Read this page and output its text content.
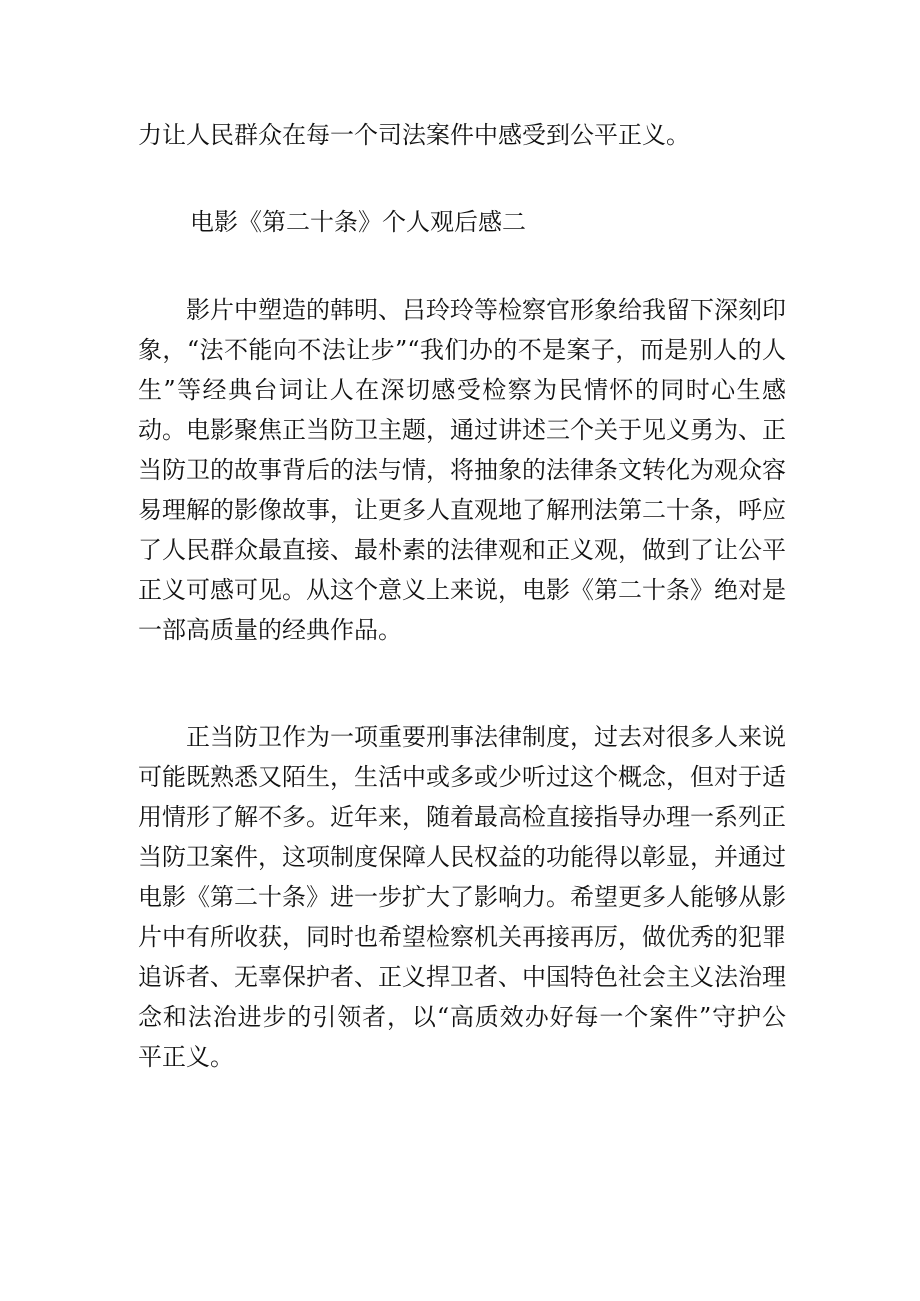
力让人民群众在每一个司法案件中感受到公平正义。

电影《第二十条》个人观后感二

影片中塑造的韩明、吕玲玲等检察官形象给我留下深刻印象，“法不能向不法让步”“我们办的不是案子，而是别人的人生”等经典台词让人在深切感受检察为民情怀的同时心生感动。电影聚焦正当防卫主题，通过讲述三个关于见义勇为、正当防卫的故事背后的法与情，将抽象的法律条文转化为观众容易理解的影像故事，让更多人直观地了解刑法第二十条，呼应了人民群众最直接、最朴素的法律观和正义观，做到了让公平正义可感可见。从这个意义上来说，电影《第二十条》绝对是一部高质量的经典作品。

正当防卫作为一项重要刑事法律制度，过去对很多人来说可能既熟悉又陌生，生活中或多或少听过这个概念，但对于适用情形了解不多。近年来，随着最高检直接指导办理一系列正当防卫案件，这项制度保障人民权益的功能得以彰显，并通过电影《第二十条》进一步扩大了影响力。希望更多人能够从影片中有所收获，同时也希望检察机关再接再厉，做优秀的犯罪追诉者、无辜保护者、正义捍卫者、中国特色社会主义法治理念和法治进步的引领者，以“高质效办好每一个案件”守护公平正义。
